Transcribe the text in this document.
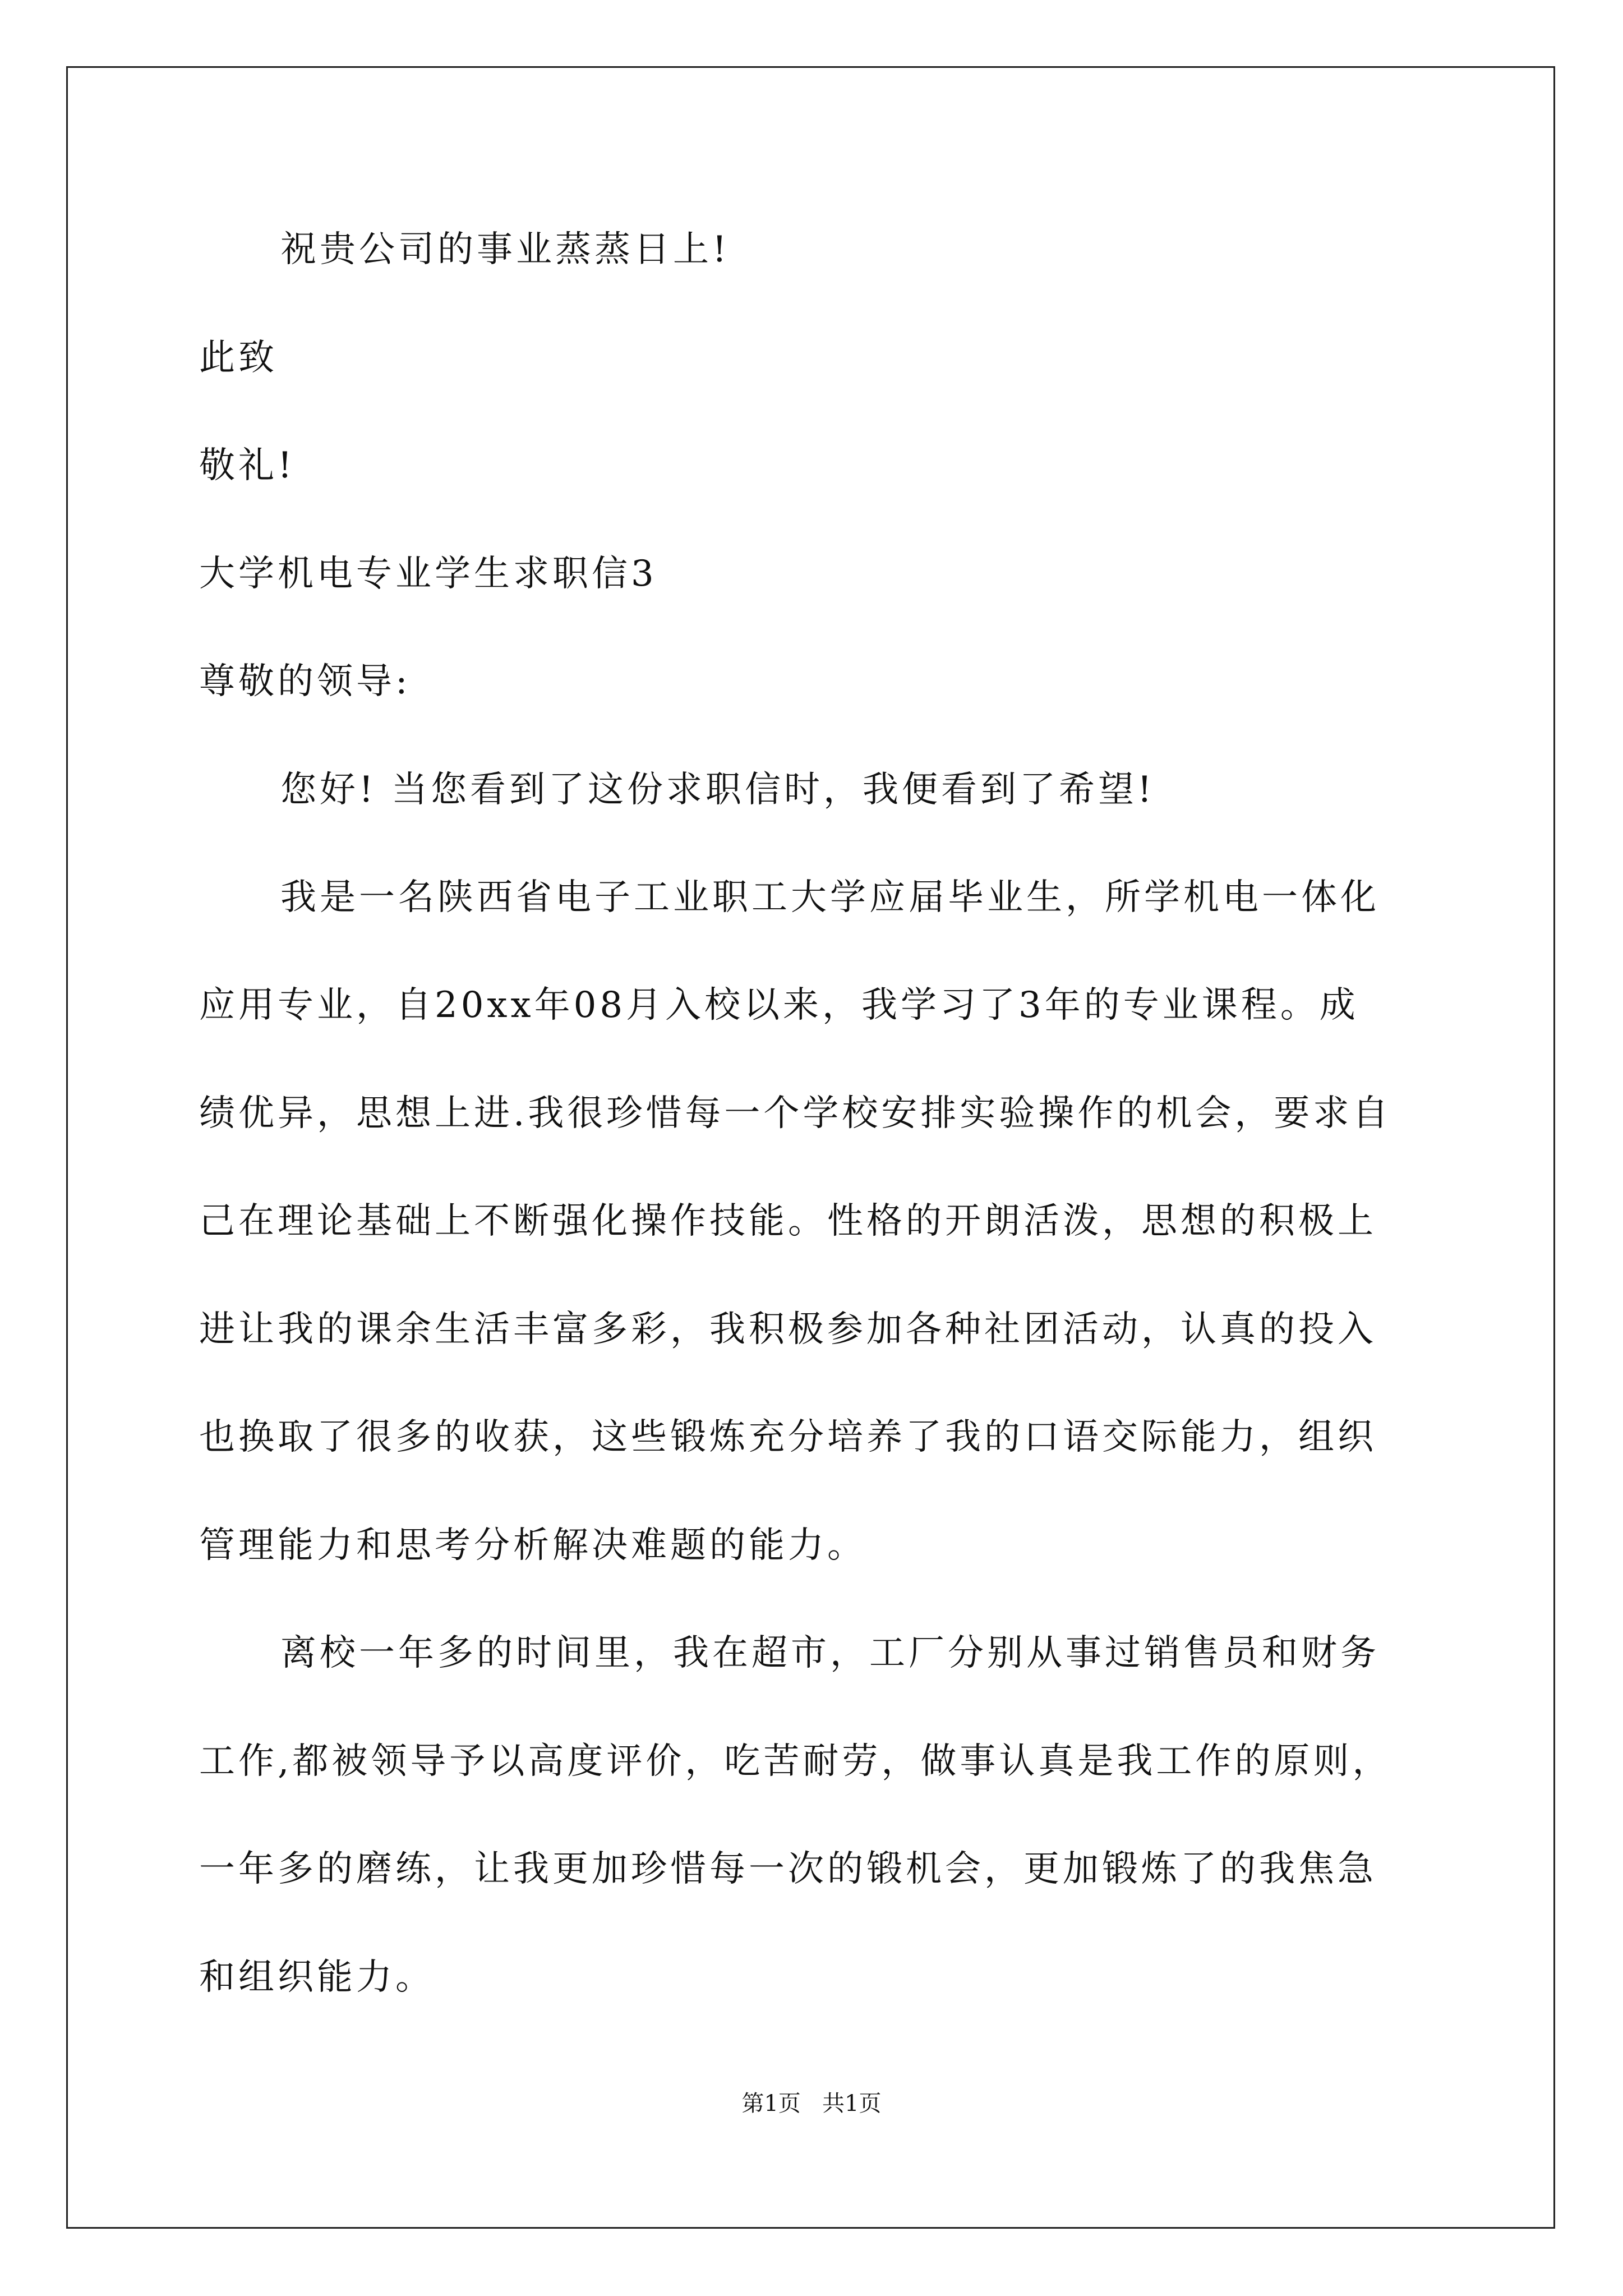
祝贵公司的事业蒸蒸日上!
此致
敬礼!
大学机电专业学生求职信3
尊敬的领导:
您好! 当您看到了这份求职信时，我便看到了希望!
我是一名陕西省电子工业职工大学应届毕业生，所学机电一体化
应用专业，自20xx年08月入校以来，我学习了3年的专业课程。成
绩优异，思想上进.我很珍惜每一个学校安排实验操作的机会，要求自
己在理论基础上不断强化操作技能。性格的开朗活泼，思想的积极上
进让我的课余生活丰富多彩，我积极参加各种社团活动，认真的投入
也换取了很多的收获，这些锻炼充分培养了我的口语交际能力，组织
管理能力和思考分析解决难题的能力。
离校一年多的时间里，我在超市，工厂分别从事过销售员和财务
工作,都被领导予以高度评价，吃苦耐劳，做事认真是我工作的原则，
一年多的磨练，让我更加珍惜每一次的锻机会，更加锻炼了的我焦急
和组织能力。
第1页   共1页
